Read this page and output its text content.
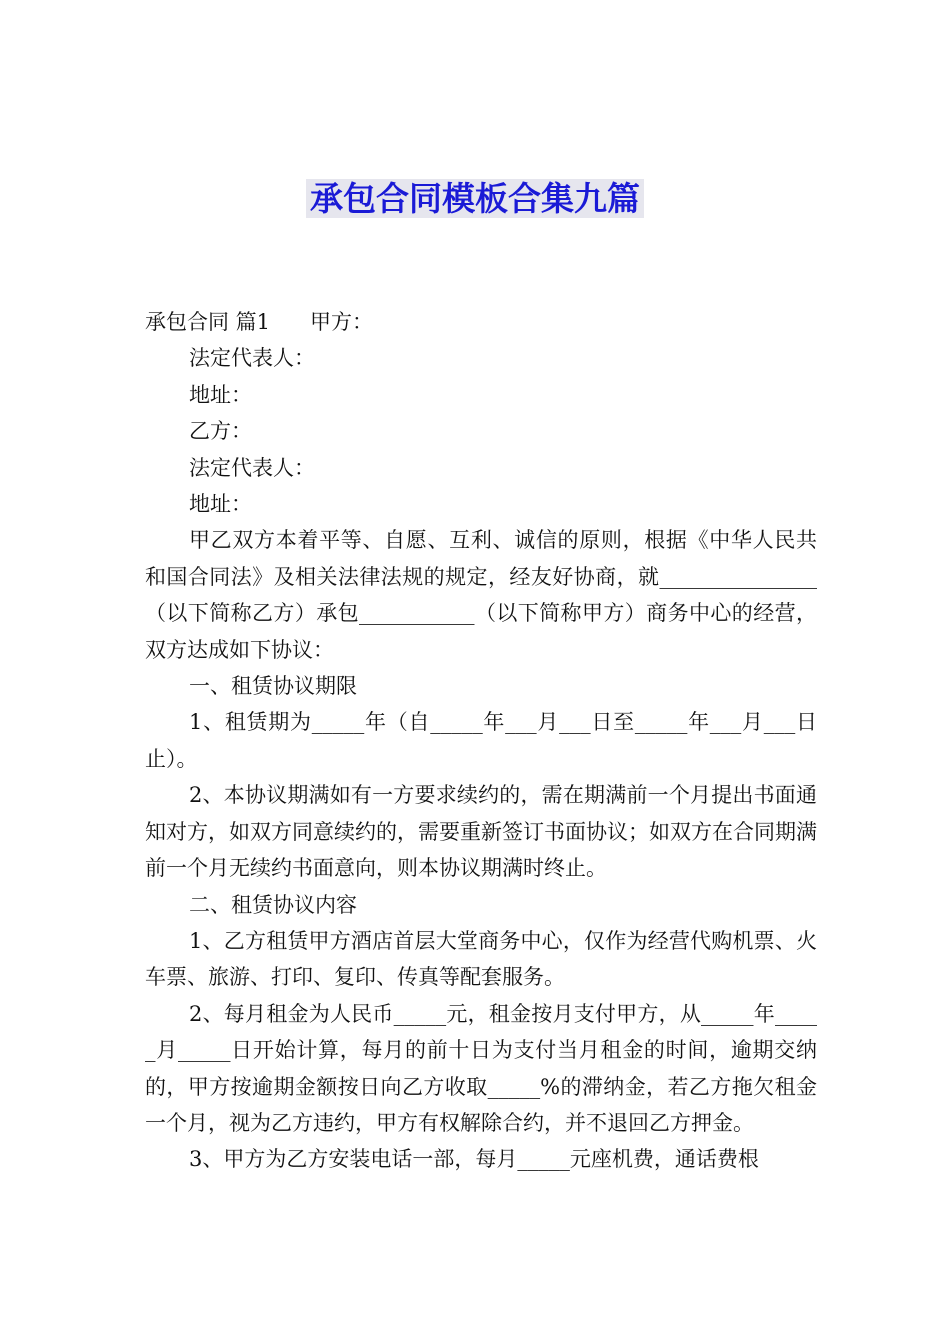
承包合同模板合集九篇

承包合同 篇1 甲方：

法定代表人：

地址：

乙方：

法定代表人：

地址：

甲乙双方本着平等、自愿、互利、诚信的原则，根据《中华人民共和国合同法》及相关法律法规的规定，经友好协商，就_______________（以下简称乙方）承包___________（以下简称甲方）商务中心的经营，双方达成如下协议：

一、租赁协议期限

1、租赁期为_____年（自_____年___月___日至_____年___月___日止）。

2、本协议期满如有一方要求续约的，需在期满前一个月提出书面通知对方，如双方同意续约的，需要重新签订书面协议；如双方在合同期满前一个月无续约书面意向，则本协议期满时终止。

二、租赁协议内容

1、乙方租赁甲方酒店首层大堂商务中心，仅作为经营代购机票、火车票、旅游、打印、复印、传真等配套服务。

2、每月租金为人民币_____元，租金按月支付甲方，从_____年_____月_____日开始计算，每月的前十日为支付当月租金的时间，逾期交纳的，甲方按逾期金额按日向乙方收取_____%的滞纳金，若乙方拖欠租金一个月，视为乙方违约，甲方有权解除合约，并不退回乙方押金。

3、甲方为乙方安装电话一部，每月_____元座机费，通话费根
